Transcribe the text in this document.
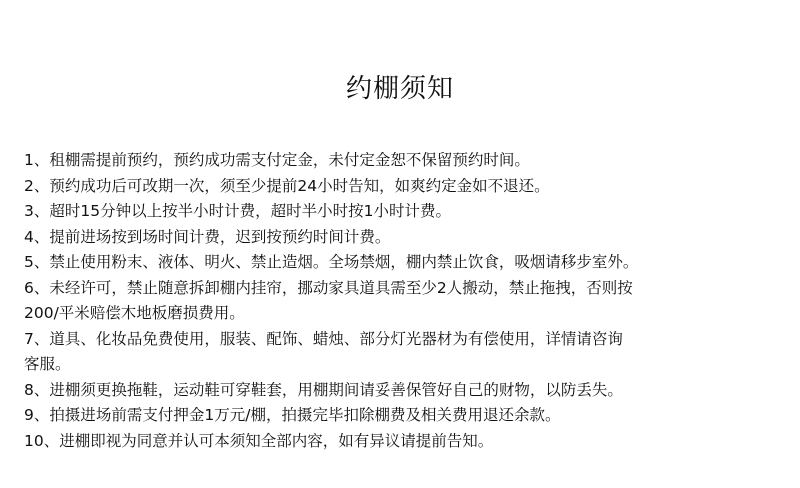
约棚须知
1、租棚需提前预约，预约成功需支付定金，未付定金恕不保留预约时间。
2、预约成功后可改期一次，须至少提前24小时告知，如爽约定金如不退还。
3、超时15分钟以上按半小时计费，超时半小时按1小时计费。
4、提前进场按到场时间计费，迟到按预约时间计费。
5、禁止使用粉末、液体、明火、禁止造烟。全场禁烟，棚内禁止饮食，吸烟请移步室外。
6、未经许可，禁止随意拆卸棚内挂帘，挪动家具道具需至少2人搬动，禁止拖拽，否则按
200/平米赔偿木地板磨损费用。
7、道具、化妆品免费使用，服装、配饰、蜡烛、部分灯光器材为有偿使用，详情请咨询
客服。
8、进棚须更换拖鞋，运动鞋可穿鞋套，用棚期间请妥善保管好自己的财物，以防丢失。
9、拍摄进场前需支付押金1万元/棚，拍摄完毕扣除棚费及相关费用退还余款。
10、进棚即视为同意并认可本须知全部内容，如有异议请提前告知。
